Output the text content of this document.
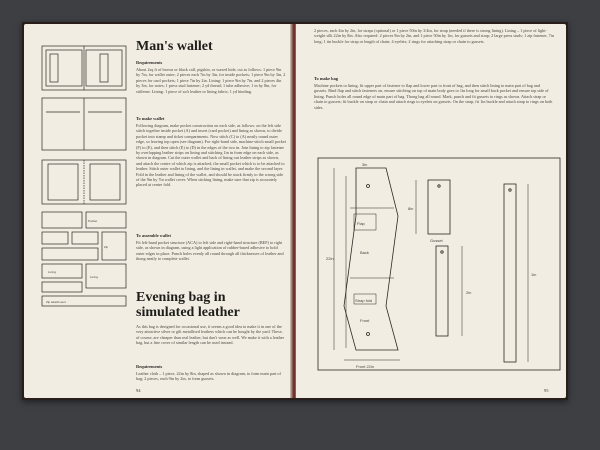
Pocket
Zip
Lining
Lining
Zip attachment
Man's wallet

Requirements

About 2sq ft of brown or black calf, pigskin, or waxed hide, cut as follows: 1 piece 9in by 7in, for wallet outer; 2 pieces each 7in by 3in, for inside pockets; 1 piece 9in by 3in, 2 pieces for card pockets; 1 piece 7in by 2in. Lining: 1 piece 9in by 7in, and 2 pieces 4in by 3in, for notes; 1 press stud fastener; 2 yd thread; 1 tube adhesive; 1 in by 8in, for stiffener. Lining: 1 piece of soft leather or lining fabric; 1 yd binding.

To make wallet

Following diagram, make pocket construction on each side, as follows: on the left side stitch together inside pocket (A) and insert (card pocket) and lining as shown, to divide pocket into stamp and ticket compartments. Now stitch (C) to (A) neatly round outer edge, so leaving top open (see diagram). For right-hand side, machine-stitch small pocket (F) to (E), and then stitch (E) to (D) in the edges of the two in. Join lining to zip fastener by overlapping leather strips on lining and stitching 1in in from edge on each side, as shown in diagram. Cut the outer wallet and back of lining out leather strips as shown, and attach the centre of which zip is attached, the small pocket which is to be attached to leather. Stitch outer wallet to lining, and the lining in wallet, and make the second layer. Fold in the leather and lining of the wallet, and should be stuck firmly to the wrong side of the 9in by 7in wallet cover. When sticking lining, make sure that zip is accurately placed at centre fold.

To assemble wallet

Fit left-hand pocket structure (ACA) to left side and right-hand structure (BEF) to right side, as shown in diagram, using a light application of rubber-based adhesive to hold outer edges in place. Punch holes evenly all round through all thicknesses of leather and thong neatly to complete wallet.

Evening bag in simulated leather

As this bag is designed for occasional use, it seems a good idea to make it in one of the very attractive silver or gilt metallised leathers which can be bought by the yard. These, of course, are cheaper than real leather, but don't wear as well. We make it with a leather bag, but a fine cover of similar length can be used instead.

Requirements

Leather cloth – 1 piece, 22in by 8in, shaped as shown in diagram, to form main part of bag; 2 pieces, each 9in by 2in, to form gussets.

94

2 pieces, each 4in by 2in, for straps (optional) or 1 piece 50in by 3/4in, for strap (needed if there is strong lining). Lining – 1 piece of light-weight silk 22in by 8in. Also required: 2 pieces 9in by 2in, and 1 piece 50in by 1in, for gussets and strap; 2 large press studs; 1 zip fastener, 7in long; 1 tin buckle for strap or length of chain; 4 eyelets; 2 rings for attaching strap or chain to gussets.

To make bag

Machine pockets to lining, fit upper part of fastener to flap and lower part to front of bag, and then stitch lining to main part of bag and gussets. Bind flap and stitch fasteners on, ensure stitching on top of main body goes to 1in long for small back pocket and ensure top side of lining. Punch holes all round edge of main part of bag. Thong bag all round. Mark, punch and fit gussets to rings as shown. Attach strap or chain to gussets; fit buckle on strap or chain and attach rings to eyelets on gussets. On the strap, fit 1in buckle and attach strap to rings on both sides.

3in
Flap
Back
Strap fold
Front
22in
8in
Gusset
2in
1in
Front 22in
95
